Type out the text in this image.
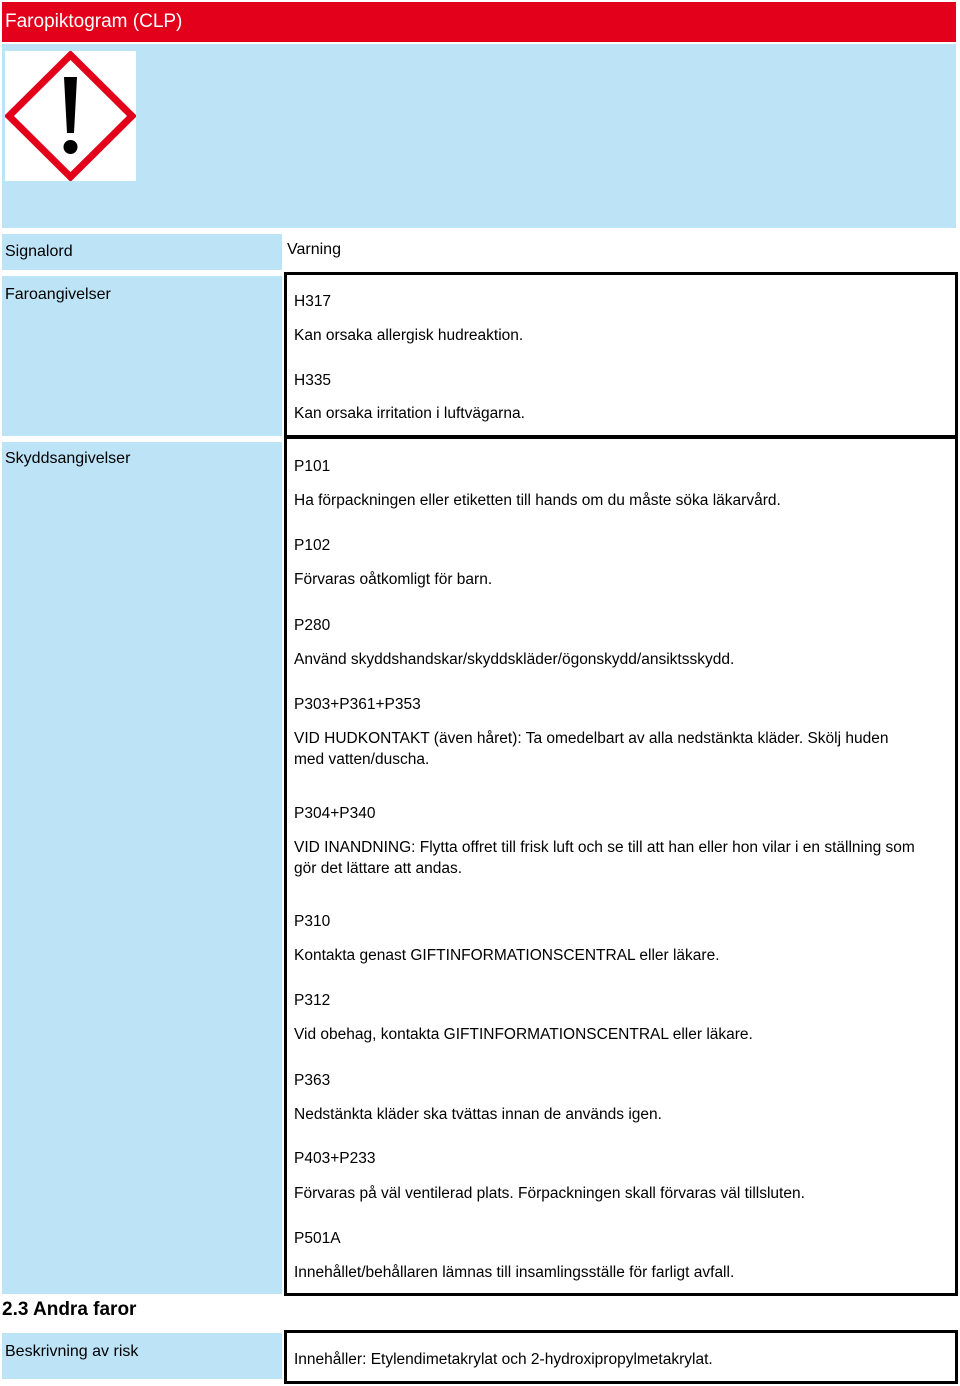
Faropiktogram (CLP)
Signalord	Varning
Faroangivelser	H317
Kan orsaka allergisk hudreaktion.
H335
Kan orsaka irritation i luftvägarna.
Skyddsangivelser	P101
Ha förpackningen eller etiketten till hands om du måste söka läkarvård.
P102
Förvaras oåtkomligt för barn.
P280
Använd skyddshandskar/skyddskläder/ögonskydd/ansiktsskydd.
P303+P361+P353
VID HUDKONTAKT (även håret): Ta omedelbart av alla nedstänkta kläder. Skölj huden med vatten/duscha.
P304+P340
VID INANDNING: Flytta offret till frisk luft och se till att han eller hon vilar i en ställning som gör det lättare att andas.
P310
Kontakta genast GIFTINFORMATIONSCENTRAL eller läkare.
P312
Vid obehag, kontakta GIFTINFORMATIONSCENTRAL eller läkare.
P363
Nedstänkta kläder ska tvättas innan de används igen.
P403+P233
Förvaras på väl ventilerad plats. Förpackningen skall förvaras väl tillsluten.
P501A
Innehållet/behållaren lämnas till insamlingsställe för farligt avfall.
2.3 Andra faror
Beskrivning av risk	Innehåller: Etylendimetakrylat och 2-hydroxipropylmetakrylat.
